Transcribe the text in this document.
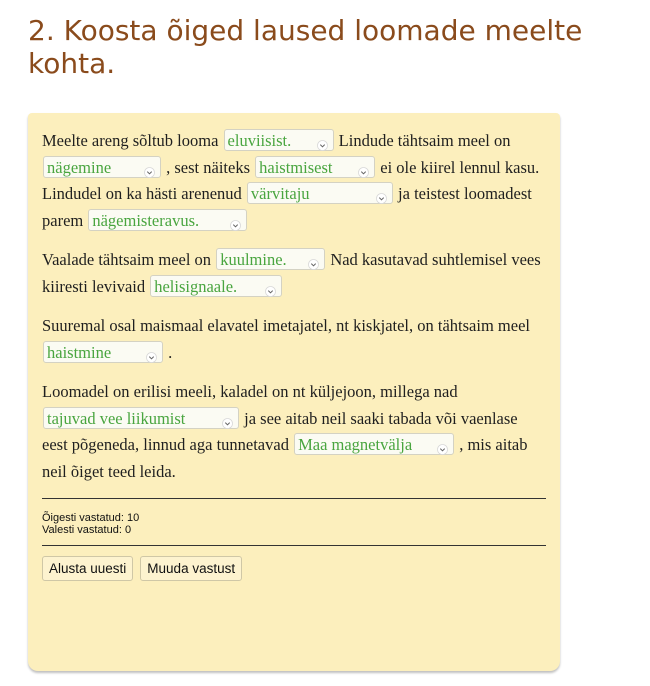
2. Koosta õiged laused loomade meelte kohta.

Meelte areng sõltub looma eluviisist.	Lindude tähtsaim meel on nägemine	, sest näiteks haistmisest	ei ole kiirel lennul kasu. Lindudel on ka hästi arenenud värvitaju	ja teistest loomadest parem nägemisteravus.

Vaalade tähtsaim meel on kuulmine.
Nad kasutavad suhtlemisel vees kiiresti levivaid helisignaale.

Suuremal osal maismaal elavatel imetajatel, nt kiskjatel, on tähtsaim meel haistmine	.

Loomadel on erilisi meeli, kaladel on nt küljejoon, millega nad tajuvad vee liikumist	ja see aitab neil saaki tabada või vaenlase eest põgeneda, linnud aga tunnetavad Maa magnetvälja	, mis aitab neil õiget teed leida.

Õigesti vastatud: 10
Valesti vastatud: 0
Alusta uuesti Muuda vastust
